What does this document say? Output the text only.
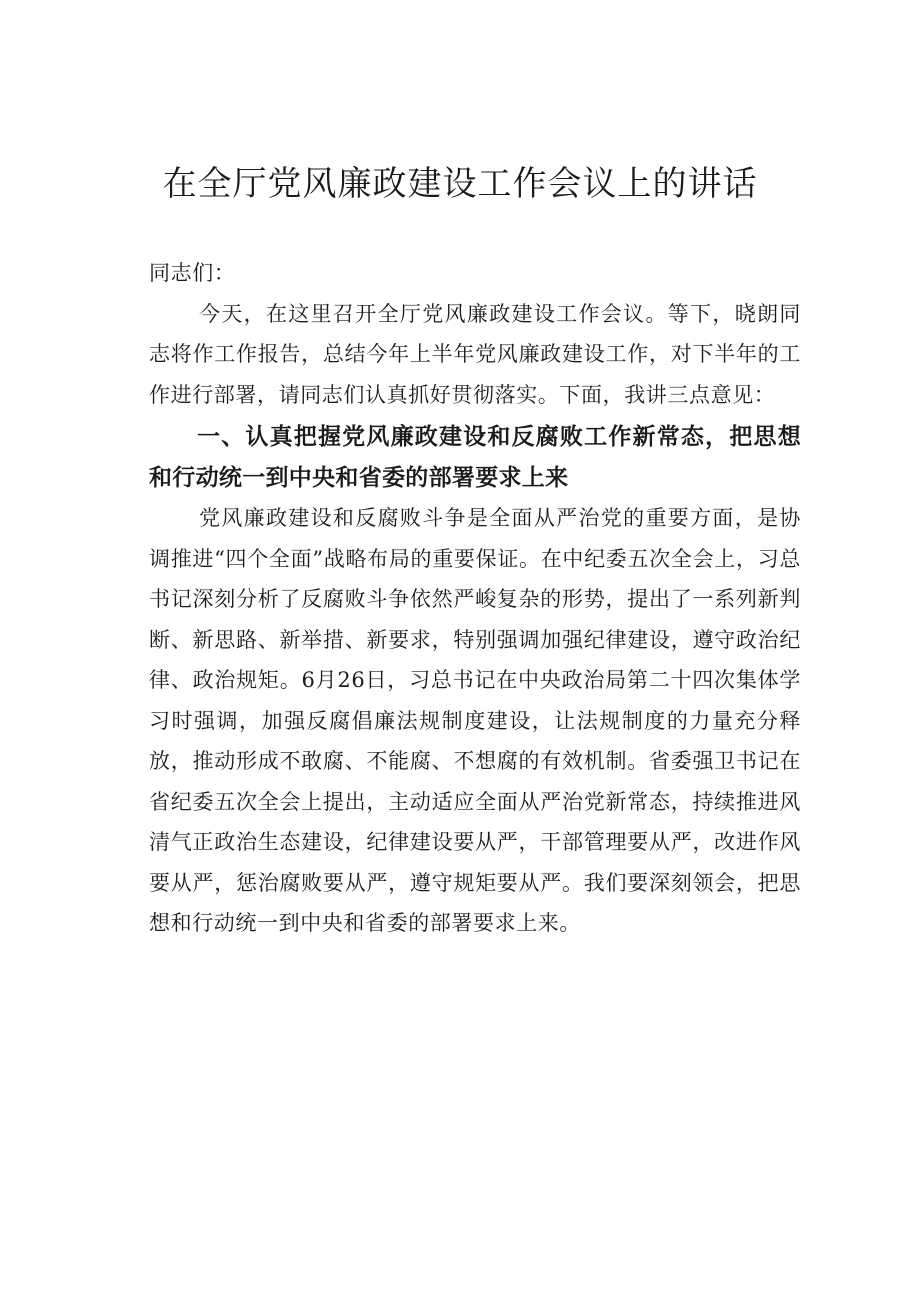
在全厅党风廉政建设工作会议上的讲话

同志们：

今天，在这里召开全厅党风廉政建设工作会议。等下，晓朗同志将作工作报告，总结今年上半年党风廉政建设工作，对下半年的工作进行部署，请同志们认真抓好贯彻落实。下面，我讲三点意见：

一、认真把握党风廉政建设和反腐败工作新常态，把思想和行动统一到中央和省委的部署要求上来

党风廉政建设和反腐败斗争是全面从严治党的重要方面，是协调推进“四个全面”战略布局的重要保证。在中纪委五次全会上，习总书记深刻分析了反腐败斗争依然严峻复杂的形势，提出了一系列新判断、新思路、新举措、新要求，特别强调加强纪律建设，遵守政治纪律、政治规矩。6月26日，习总书记在中央政治局第二十四次集体学习时强调，加强反腐倡廉法规制度建设，让法规制度的力量充分释放，推动形成不敢腐、不能腐、不想腐的有效机制。省委强卫书记在省纪委五次全会上提出，主动适应全面从严治党新常态，持续推进风清气正政治生态建设，纪律建设要从严，干部管理要从严，改进作风要从严，惩治腐败要从严，遵守规矩要从严。我们要深刻领会，把思想和行动统一到中央和省委的部署要求上来。
